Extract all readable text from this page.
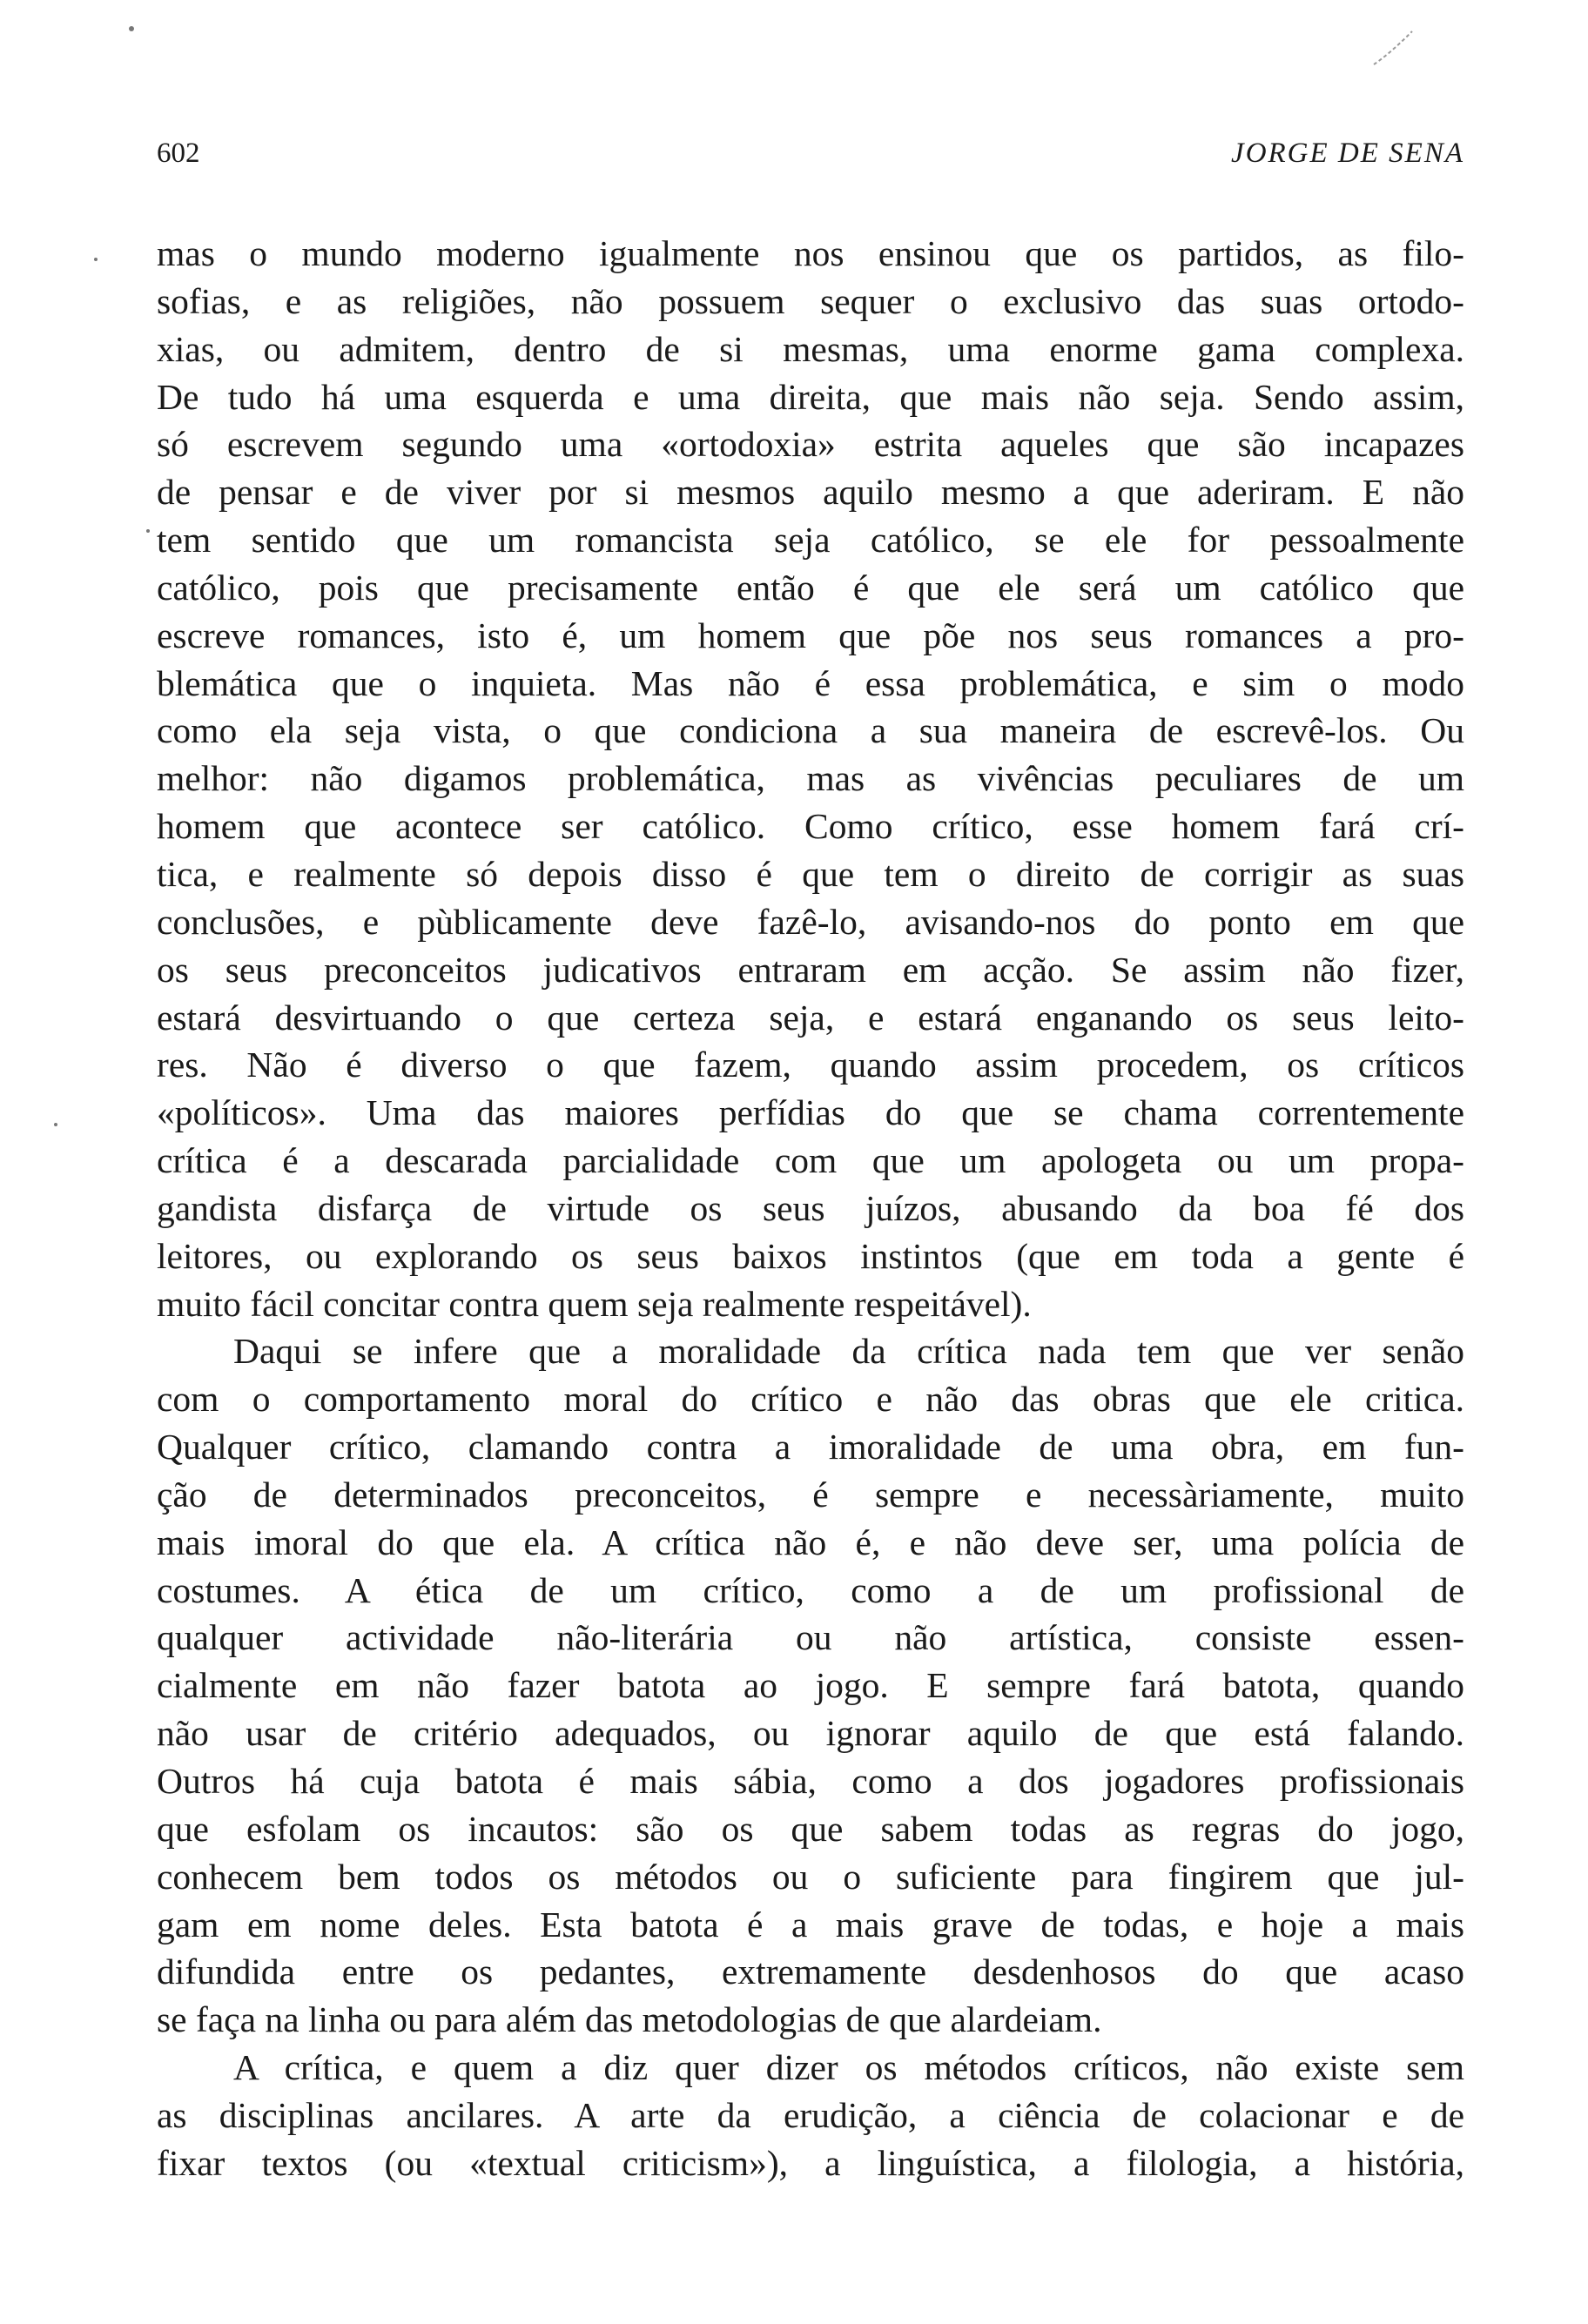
602	JORGE DE SENA
mas o mundo moderno igualmente nos ensinou que os partidos, as filo-
sofias, e as religiões, não possuem sequer o exclusivo das suas ortodo-
xias, ou admitem, dentro de si mesmas, uma enorme gama complexa.
De tudo há uma esquerda e uma direita, que mais não seja. Sendo assim,
só escrevem segundo uma «ortodoxia» estrita aqueles que são incapazes
de pensar e de viver por si mesmos aquilo mesmo a que aderiram. E não
tem sentido que um romancista seja católico, se ele for pessoalmente
católico, pois que precisamente então é que ele será um católico que
escreve romances, isto é, um homem que põe nos seus romances a pro-
blemática que o inquieta. Mas não é essa problemática, e sim o modo
como ela seja vista, o que condiciona a sua maneira de escrevê-los. Ou
melhor: não digamos problemática, mas as vivências peculiares de um
homem que acontece ser católico. Como crítico, esse homem fará crí-
tica, e realmente só depois disso é que tem o direito de corrigir as suas
conclusões, e pùblicamente deve fazê-lo, avisando-nos do ponto em que
os seus preconceitos judicativos entraram em acção. Se assim não fizer,
estará desvirtuando o que certeza seja, e estará enganando os seus leito-
res. Não é diverso o que fazem, quando assim procedem, os críticos
«políticos». Uma das maiores perfídias do que se chama correntemente
crítica é a descarada parcialidade com que um apologeta ou um propa-
gandista disfarça de virtude os seus juízos, abusando da boa fé dos
leitores, ou explorando os seus baixos instintos (que em toda a gente é
muito fácil concitar contra quem seja realmente respeitável).
Daqui se infere que a moralidade da crítica nada tem que ver senão
com o comportamento moral do crítico e não das obras que ele critica.
Qualquer crítico, clamando contra a imoralidade de uma obra, em fun-
ção de determinados preconceitos, é sempre e necessàriamente, muito
mais imoral do que ela. A crítica não é, e não deve ser, uma polícia de
costumes. A ética de um crítico, como a de um profissional de
qualquer actividade não-literária ou não artística, consiste essen-
cialmente em não fazer batota ao jogo. E sempre fará batota, quando
não usar de critério adequados, ou ignorar aquilo de que está falando.
Outros há cuja batota é mais sábia, como a dos jogadores profissionais
que esfolam os incautos: são os que sabem todas as regras do jogo,
conhecem bem todos os métodos ou o suficiente para fingirem que jul-
gam em nome deles. Esta batota é a mais grave de todas, e hoje a mais
difundida entre os pedantes, extremamente desdenhosos do que acaso
se faça na linha ou para além das metodologias de que alardeiam.
A crítica, e quem a diz quer dizer os métodos críticos, não existe sem
as disciplinas ancilares. A arte da erudição, a ciência de colacionar e de
fixar textos (ou «textual criticism»), a linguística, a filologia, a história,
